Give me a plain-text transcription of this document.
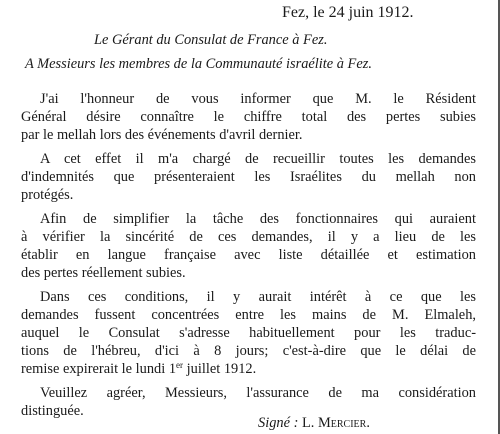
Fez, le 24 juin 1912.
Le Gérant du Consulat de France à Fez.
A Messieurs les membres de la Communauté israélite à Fez.
J'ai l'honneur de vous informer que M. le Résident
Général désire connaître le chiffre total des pertes subies
par le mellah lors des événements d'avril dernier.
A cet effet il m'a chargé de recueillir toutes les demandes
d'indemnités que présenteraient les Israélites du mellah non
protégés.
Afin de simplifier la tâche des fonctionnaires qui auraient
à vérifier la sincérité de ces demandes, il y a lieu de les
établir en langue française avec liste détaillée et estimation
des pertes réellement subies.
Dans ces conditions, il y aurait intérêt à ce que les
demandes fussent concentrées entre les mains de M. Elmaleh,
auquel le Consulat s'adresse habituellement pour les traduc-
tions de l'hébreu, d'ici à 8 jours; c'est-à-dire que le délai de
remise expirerait le lundi 1er juillet 1912.
Veuillez agréer, Messieurs, l'assurance de ma considération
distinguée.
Signé : L. Mercier.
